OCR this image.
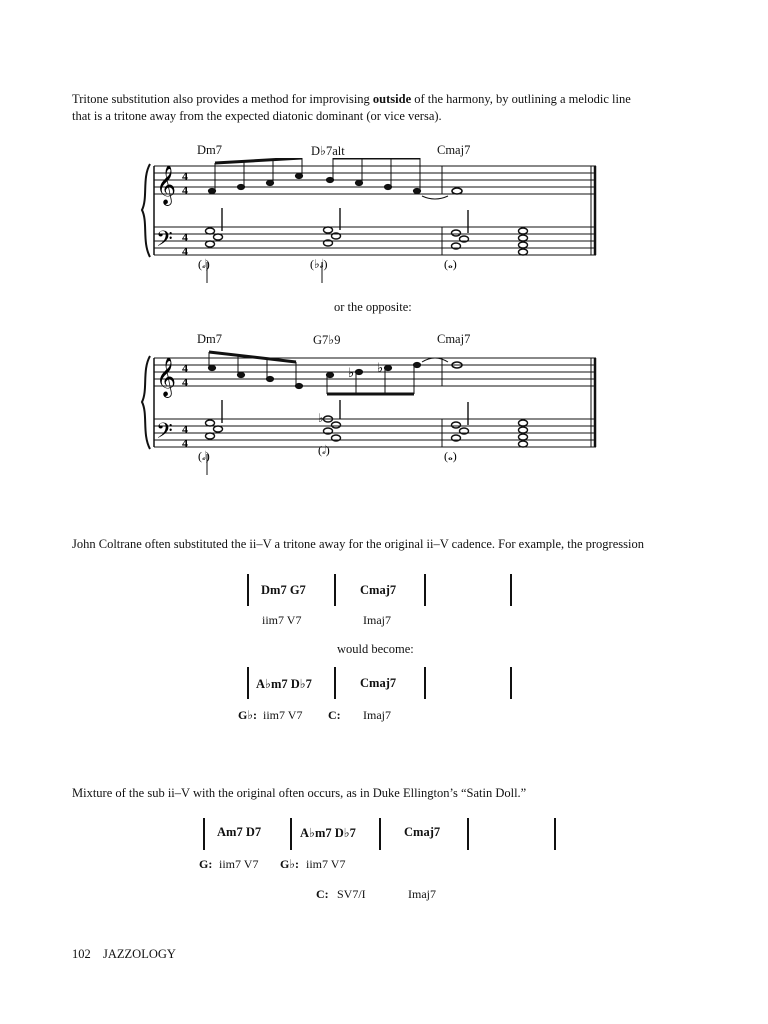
Tritone substitution also provides a method for improvising outside of the harmony, by outlining a melodic line
that is a tritone away from the expected diatonic dominant (or vice versa).
Dm7	D♭7alt	Cmaj7
𝄞
𝄢
4
4
4
4
(𝅗𝅥)	(♭𝅗𝅥)	(𝅝)
or the opposite:
Dm7	G7♭9	Cmaj7
𝄞
𝄢
4
4
4
4
♭ ♭
♭
(𝅗𝅥)	(𝅗𝅥)	(𝅝)
John Coltrane often substituted the ii–V a tritone away for the original ii–V cadence. For example, the progression
Dm7 G7	Cmaj7
iim7 V7	Imaj7
would become:
A♭m7 D♭7	Cmaj7
G♭: iim7 V7 C: Imaj7
Mixture of the sub ii–V with the original often occurs, as in Duke Ellington’s “Satin Doll.”
Am7 D7	A♭m7 D♭7	Cmaj7
G: iim7 V7 G♭: iim7 V7
C: SV7/I	Imaj7
102 JAZZOLOGY
